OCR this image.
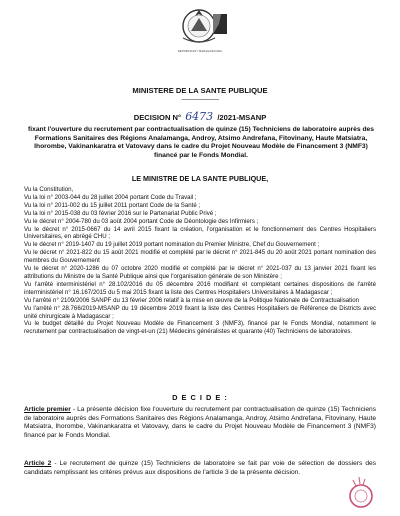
REPOBLIKAN'I MADAGASIKARA
MINISTERE DE LA SANTE PUBLIQUE
-------------------------
DECISION N° 6473 /2021-MSANP
fixant l'ouverture du recrutement par contractualisation de quinze (15) Techniciens de laboratoire auprès des Formations Sanitaires des Régions Analamanga, Androy, Atsimo Andrefana, Fitovinany, Haute Matsiatra, Ihorombe, Vakinankaratra et Vatovavy dans le cadre du Projet Nouveau Modèle de Financement 3 (NMF3) financé par le Fonds Mondial.
LE MINISTRE DE LA SANTE PUBLIQUE,
Vu la Constitution,
Vu la loi n° 2003-044 du 28 juillet 2004 portant Code du Travail ;
Vu la loi n° 2011-002 du 15 juillet 2011 portant Code de la Santé ;
Vu la loi n° 2015-038 du 03 février 2016 sur le Partenariat Public Privé ;
Vu le décret n° 2004-780 du 03 août 2004 portant Code de Déontologie des Infirmiers ;
Vu le décret n° 2015-0667 du 14 avril 2015 fixant la création, l'organisation et le fonctionnement des Centres Hospitaliers Universitaires, en abrégé CHU ;
Vu le décret n° 2019-1407 du 19 juillet 2019 portant nomination du Premier Ministre, Chef du Gouvernement ;
Vu le décret n° 2021-822 du 15 août 2021 modifié et complété par le décret n° 2021-845 du 20 août 2021 portant nomination des membres du Gouvernement
Vu le décret n° 2020-1286 du 07 octobre 2020 modifié et complété par le décret n° 2021-037 du 13 janvier 2021 fixant les attributions du Ministre de la Santé Publique ainsi que l'organisation générale de son Ministère ;
Vu l'arrêté interministériel n° 28.102/2016 du 05 décembre 2016 modifiant et complétant certaines dispositions de l'arrêté interministériel n° 16.167/2015 du 5 mai 2015 fixant la liste des Centres Hospitaliers Universitaires à Madagascar ;
Vu l'arrêté n° 2109/2006 SANPF du 13 février 2006 relatif à la mise en œuvre de la Politique Nationale de Contractualisation
Vu l'arrêté n° 28.766/2019-MSANP du 19 décembre 2019 fixant la liste des Centres Hospitaliers de Référence de Districts avec unité chirurgicale à Madagascar ;
Vu le budget détaillé du Projet Nouveau Modèle de Financement 3 (NMF3), financé par le Fonds Mondial, notamment le recrutement par contractualisation de vingt-et-un (21) Médecins généralistes et quarante (40) Techniciens de laboratoires.
D E C I D E :
Article premier - La présente décision fixe l'ouverture du recrutement par contractualisation de quinze (15) Techniciens de laboratoire auprès des Formations Sanitaires des Régions Analamanga, Androy, Atsimo Andrefana, Fitovinany, Haute Matsiatra, Ihorombe, Vakinankaratra et Vatovavy, dans le cadre du Projet Nouveau Modèle de Financement 3 (NMF3) financé par le Fonds Mondial.
Article 2 - Le recrutement de quinze (15) Techniciens de laboratoire se fait par voie de sélection de dossiers des candidats remplissant les critères prévus aux dispositions de l'article 3 de la présente décision.
